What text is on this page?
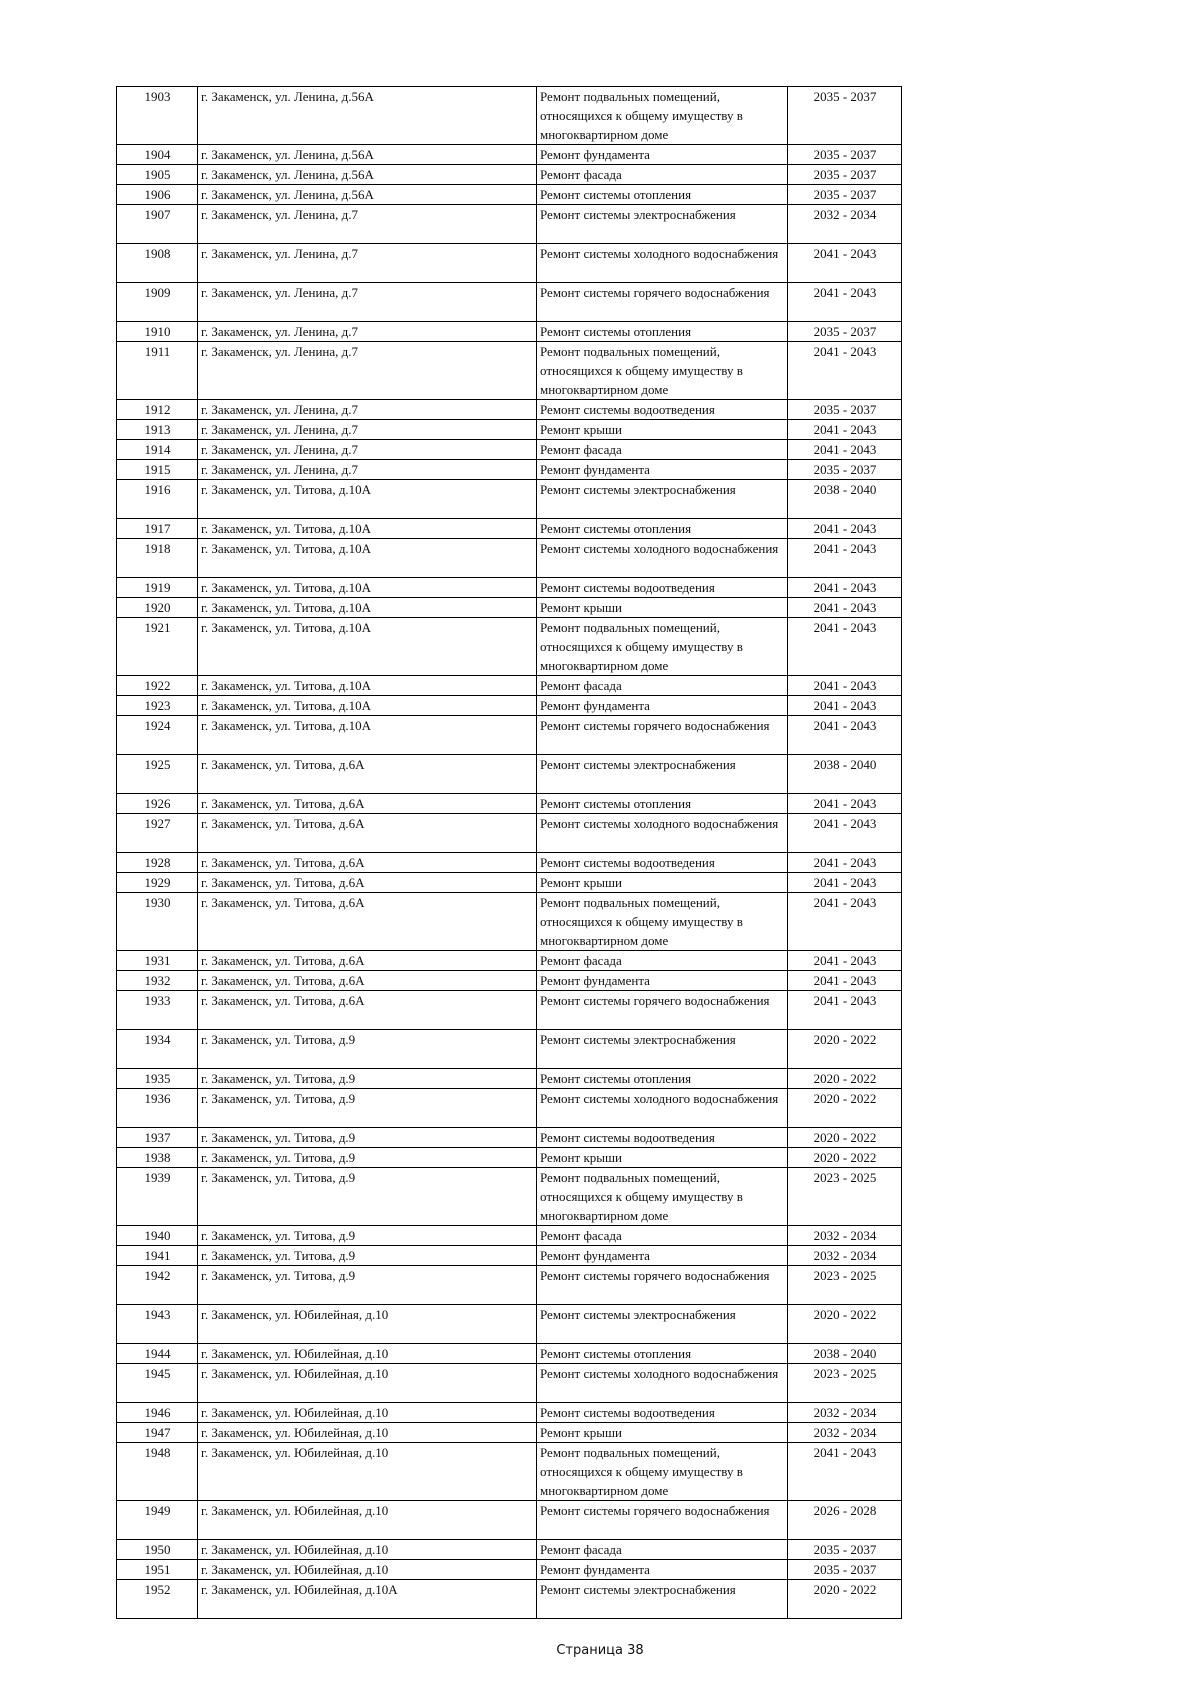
1903	г. Закаменск, ул. Ленина, д.56А	Ремонт подвальных помещений, относящихся к общему имуществу в многоквартирном доме	2035 - 2037
1904	г. Закаменск, ул. Ленина, д.56А	Ремонт фундамента	2035 - 2037
1905	г. Закаменск, ул. Ленина, д.56А	Ремонт фасада	2035 - 2037
1906	г. Закаменск, ул. Ленина, д.56А	Ремонт системы отопления	2035 - 2037
1907	г. Закаменск, ул. Ленина, д.7	Ремонт системы электроснабжения	2032 - 2034
1908	г. Закаменск, ул. Ленина, д.7	Ремонт системы холодного водоснабжения	2041 - 2043
1909	г. Закаменск, ул. Ленина, д.7	Ремонт системы горячего водоснабжения	2041 - 2043
1910	г. Закаменск, ул. Ленина, д.7	Ремонт системы отопления	2035 - 2037
1911	г. Закаменск, ул. Ленина, д.7	Ремонт подвальных помещений, относящихся к общему имуществу в многоквартирном доме	2041 - 2043
1912	г. Закаменск, ул. Ленина, д.7	Ремонт системы водоотведения	2035 - 2037
1913	г. Закаменск, ул. Ленина, д.7	Ремонт крыши	2041 - 2043
1914	г. Закаменск, ул. Ленина, д.7	Ремонт фасада	2041 - 2043
1915	г. Закаменск, ул. Ленина, д.7	Ремонт фундамента	2035 - 2037
1916	г. Закаменск, ул. Титова, д.10А	Ремонт системы электроснабжения	2038 - 2040
1917	г. Закаменск, ул. Титова, д.10А	Ремонт системы отопления	2041 - 2043
1918	г. Закаменск, ул. Титова, д.10А	Ремонт системы холодного водоснабжения	2041 - 2043
1919	г. Закаменск, ул. Титова, д.10А	Ремонт системы водоотведения	2041 - 2043
1920	г. Закаменск, ул. Титова, д.10А	Ремонт крыши	2041 - 2043
1921	г. Закаменск, ул. Титова, д.10А	Ремонт подвальных помещений, относящихся к общему имуществу в многоквартирном доме	2041 - 2043
1922	г. Закаменск, ул. Титова, д.10А	Ремонт фасада	2041 - 2043
1923	г. Закаменск, ул. Титова, д.10А	Ремонт фундамента	2041 - 2043
1924	г. Закаменск, ул. Титова, д.10А	Ремонт системы горячего водоснабжения	2041 - 2043
1925	г. Закаменск, ул. Титова, д.6А	Ремонт системы электроснабжения	2038 - 2040
1926	г. Закаменск, ул. Титова, д.6А	Ремонт системы отопления	2041 - 2043
1927	г. Закаменск, ул. Титова, д.6А	Ремонт системы холодного водоснабжения	2041 - 2043
1928	г. Закаменск, ул. Титова, д.6А	Ремонт системы водоотведения	2041 - 2043
1929	г. Закаменск, ул. Титова, д.6А	Ремонт крыши	2041 - 2043
1930	г. Закаменск, ул. Титова, д.6А	Ремонт подвальных помещений, относящихся к общему имуществу в многоквартирном доме	2041 - 2043
1931	г. Закаменск, ул. Титова, д.6А	Ремонт фасада	2041 - 2043
1932	г. Закаменск, ул. Титова, д.6А	Ремонт фундамента	2041 - 2043
1933	г. Закаменск, ул. Титова, д.6А	Ремонт системы горячего водоснабжения	2041 - 2043
1934	г. Закаменск, ул. Титова, д.9	Ремонт системы электроснабжения	2020 - 2022
1935	г. Закаменск, ул. Титова, д.9	Ремонт системы отопления	2020 - 2022
1936	г. Закаменск, ул. Титова, д.9	Ремонт системы холодного водоснабжения	2020 - 2022
1937	г. Закаменск, ул. Титова, д.9	Ремонт системы водоотведения	2020 - 2022
1938	г. Закаменск, ул. Титова, д.9	Ремонт крыши	2020 - 2022
1939	г. Закаменск, ул. Титова, д.9	Ремонт подвальных помещений, относящихся к общему имуществу в многоквартирном доме	2023 - 2025
1940	г. Закаменск, ул. Титова, д.9	Ремонт фасада	2032 - 2034
1941	г. Закаменск, ул. Титова, д.9	Ремонт фундамента	2032 - 2034
1942	г. Закаменск, ул. Титова, д.9	Ремонт системы горячего водоснабжения	2023 - 2025
1943	г. Закаменск, ул. Юбилейная, д.10	Ремонт системы электроснабжения	2020 - 2022
1944	г. Закаменск, ул. Юбилейная, д.10	Ремонт системы отопления	2038 - 2040
1945	г. Закаменск, ул. Юбилейная, д.10	Ремонт системы холодного водоснабжения	2023 - 2025
1946	г. Закаменск, ул. Юбилейная, д.10	Ремонт системы водоотведения	2032 - 2034
1947	г. Закаменск, ул. Юбилейная, д.10	Ремонт крыши	2032 - 2034
1948	г. Закаменск, ул. Юбилейная, д.10	Ремонт подвальных помещений, относящихся к общему имуществу в многоквартирном доме	2041 - 2043
1949	г. Закаменск, ул. Юбилейная, д.10	Ремонт системы горячего водоснабжения	2026 - 2028
1950	г. Закаменск, ул. Юбилейная, д.10	Ремонт фасада	2035 - 2037
1951	г. Закаменск, ул. Юбилейная, д.10	Ремонт фундамента	2035 - 2037
1952	г. Закаменск, ул. Юбилейная, д.10А	Ремонт системы электроснабжения	2020 - 2022
Страница 38
